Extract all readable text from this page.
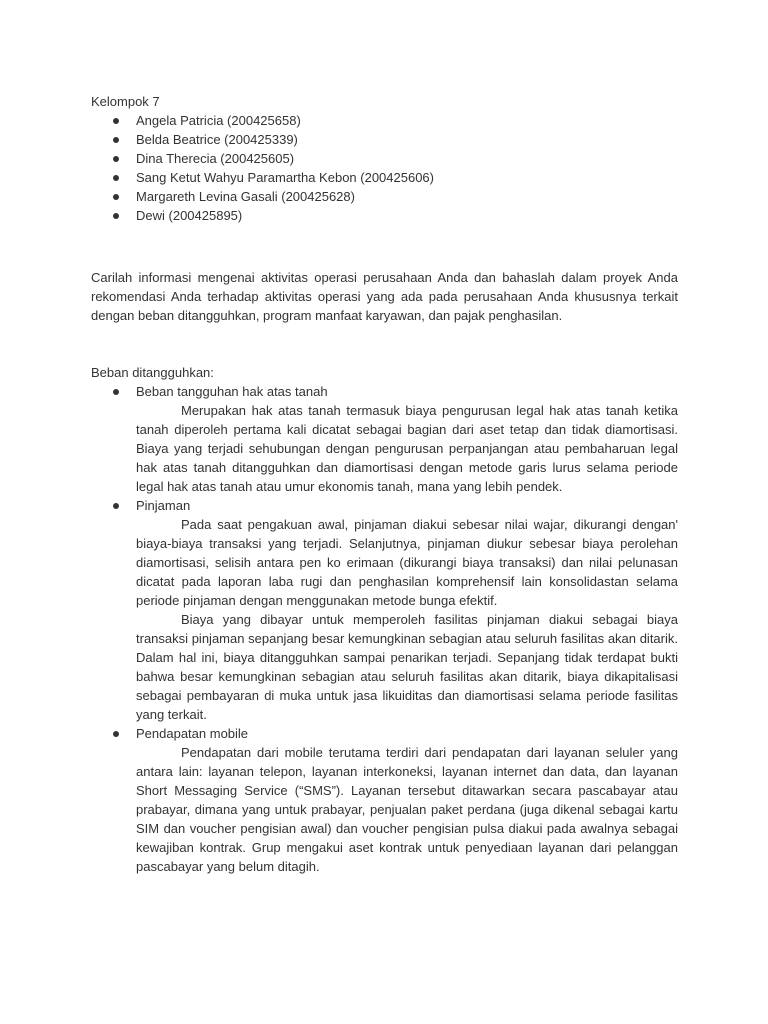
Kelompok 7

Angela Patricia (200425658)
Belda Beatrice (200425339)
Dina Therecia (200425605)
Sang Ketut Wahyu Paramartha Kebon (200425606)
Margareth Levina Gasali (200425628)
Dewi (200425895)

Carilah informasi mengenai aktivitas operasi perusahaan Anda dan bahaslah dalam proyek Anda rekomendasi Anda terhadap aktivitas operasi yang ada pada perusahaan Anda khususnya terkait dengan beban ditangguhkan, program manfaat karyawan, dan pajak penghasilan.

Beban ditangguhkan:

Beban tangguhan hak atas tanah

Merupakan hak atas tanah termasuk biaya pengurusan legal hak atas tanah ketika tanah diperoleh pertama kali dicatat sebagai bagian dari aset tetap dan tidak diamortisasi. Biaya yang terjadi sehubungan dengan pengurusan perpanjangan atau pembaharuan legal hak atas tanah ditangguhkan dan diamortisasi dengan metode garis lurus selama periode legal hak atas tanah atau umur ekonomis tanah, mana yang lebih pendek.

Pinjaman

Pada saat pengakuan awal, pinjaman diakui sebesar nilai wajar, dikurangi dengan' biaya-biaya transaksi yang terjadi. Selanjutnya, pinjaman diukur sebesar biaya perolehan diamortisasi, selisih antara pen ko erimaan (dikurangi biaya transaksi) dan nilai pelunasan dicatat pada laporan laba rugi dan penghasilan komprehensif lain konsolidastan selama periode pinjaman dengan menggunakan metode bunga efektif.

Biaya yang dibayar untuk memperoleh fasilitas pinjaman diakui sebagai biaya transaksi pinjaman sepanjang besar kemungkinan sebagian atau seluruh fasilitas akan ditarik. Dalam hal ini, biaya ditangguhkan sampai penarikan terjadi. Sepanjang tidak terdapat bukti bahwa besar kemungkinan sebagian atau seluruh fasilitas akan ditarik, biaya dikapitalisasi sebagai pembayaran di muka untuk jasa likuiditas dan diamortisasi selama periode fasilitas yang terkait.

Pendapatan mobile

Pendapatan dari mobile terutama terdiri dari pendapatan dari layanan seluler yang antara lain: layanan telepon, layanan interkoneksi, layanan internet dan data, dan layanan Short Messaging Service (“SMS”). Layanan tersebut ditawarkan secara pascabayar atau prabayar, dimana yang untuk prabayar, penjualan paket perdana (juga dikenal sebagai kartu SIM dan voucher pengisian awal) dan voucher pengisian pulsa diakui pada awalnya sebagai kewajiban kontrak. Grup mengakui aset kontrak untuk penyediaan layanan dari pelanggan pascabayar yang belum ditagih.
